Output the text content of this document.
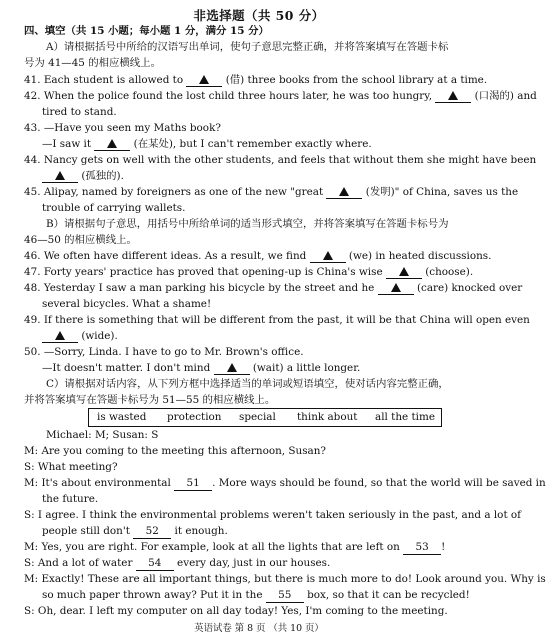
非选择题（共 50 分）
四、填空（共 15 小题；每小题 1 分，满分 15 分）
A）请根据括号中所给的汉语写出单词，使句子意思完整正确，并将答案填写在答题卡标
号为 41—45 的相应横线上。
41. Each student is allowed to	(借) three books from the school library at a time.
42. When the police found the lost child three hours later, he was too hungry,	(口渴的) and
tired to stand.
43. —Have you seen my Maths book?
—I saw it	(在某处), but I can't remember exactly where.
44. Nancy gets on well with the other students, and feels that without them she might have been
(孤独的).
45. Alipay, named by foreigners as one of the new "great	(发明)" of China, saves us the
trouble of carrying wallets.
B）请根据句子意思，用括号中所给单词的适当形式填空，并将答案填写在答题卡标号为
46—50 的相应横线上。
46. We often have different ideas. As a result, we find	(we) in heated discussions.
47. Forty years' practice has proved that opening-up is China's wise	(choose).
48. Yesterday I saw a man parking his bicycle by the street and he	(care) knocked over
several bicycles. What a shame!
49. If there is something that will be different from the past, it will be that China will open even
(wide).
50. —Sorry, Linda. I have to go to Mr. Brown's office.
—It doesn't matter. I don't mind	(wait) a little longer.
C）请根据对话内容，从下列方框中选择适当的单词或短语填空，使对话内容完整正确，
并将答案填写在答题卡标号为 51—55 的相应横线上。
is wasted protection special think about all the time
Michael: M; Susan: S
M: Are you coming to the meeting this afternoon, Susan?
S: What meeting?
M: It's about environmental 51 . More ways should be found, so that the world will be saved in
the future.
S: I agree. I think the environmental problems weren't taken seriously in the past, and a lot of
people still don't 52 it enough.
M: Yes, you are right. For example, look at all the lights that are left on 53 !
S: And a lot of water 54 every day, just in our houses.
M: Exactly! These are all important things, but there is much more to do! Look around you. Why is
so much paper thrown away? Put it in the 55 box, so that it can be recycled!
S: Oh, dear. I left my computer on all day today! Yes, I'm coming to the meeting.
英语试卷 第 8 页 （共 10 页）
